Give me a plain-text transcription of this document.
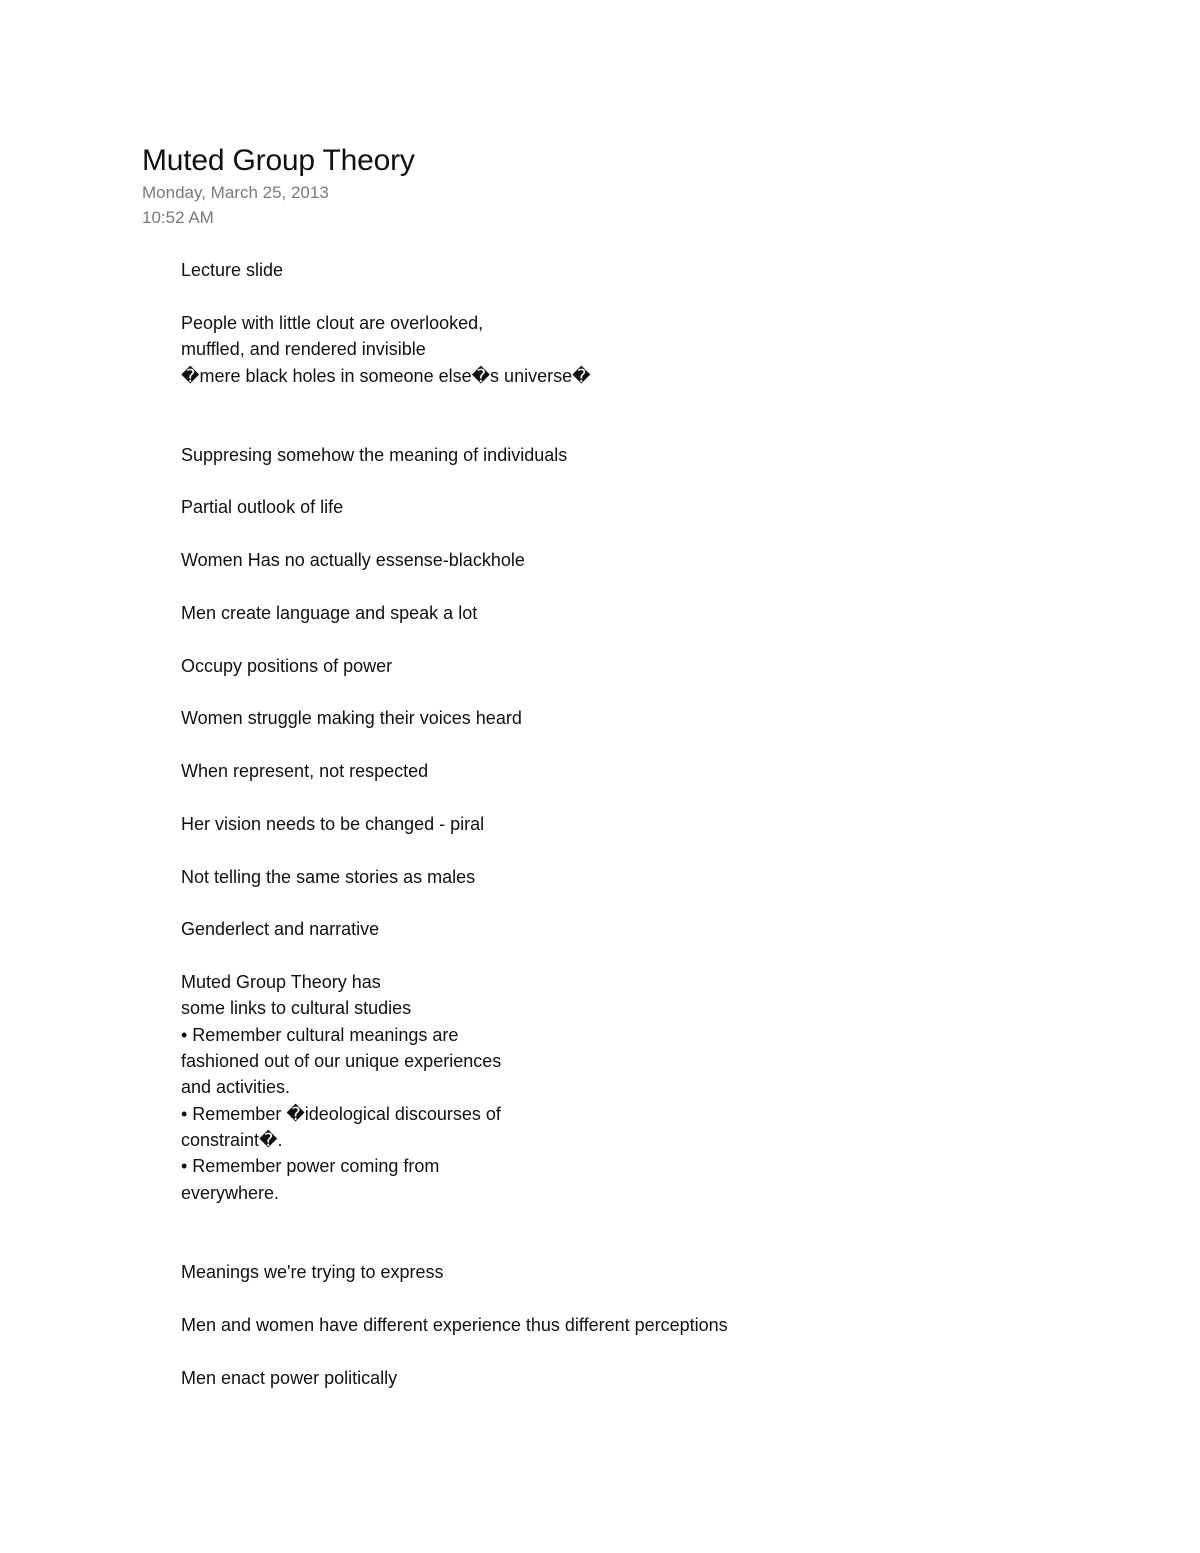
Muted Group Theory
Monday, March 25, 2013
10:52 AM
Lecture slide
People with little clout are overlooked,
muffled, and rendered invisible
�mere black holes in someone else�s universe�
Suppresing somehow the meaning of individuals
Partial outlook of life
Women Has no actually essense-blackhole
Men create language and speak a lot
Occupy positions of power
Women struggle making their voices heard
When represent, not respected
Her vision needs to be changed - piral
Not telling the same stories as males
Genderlect and narrative
Muted Group Theory has
some links to cultural studies
• Remember cultural meanings are
fashioned out of our unique experiences
and activities.
• Remember �ideological discourses of
constraint�.
• Remember power coming from
everywhere.
Meanings we're trying to express
Men and women have different experience thus different perceptions
Men enact power politically
